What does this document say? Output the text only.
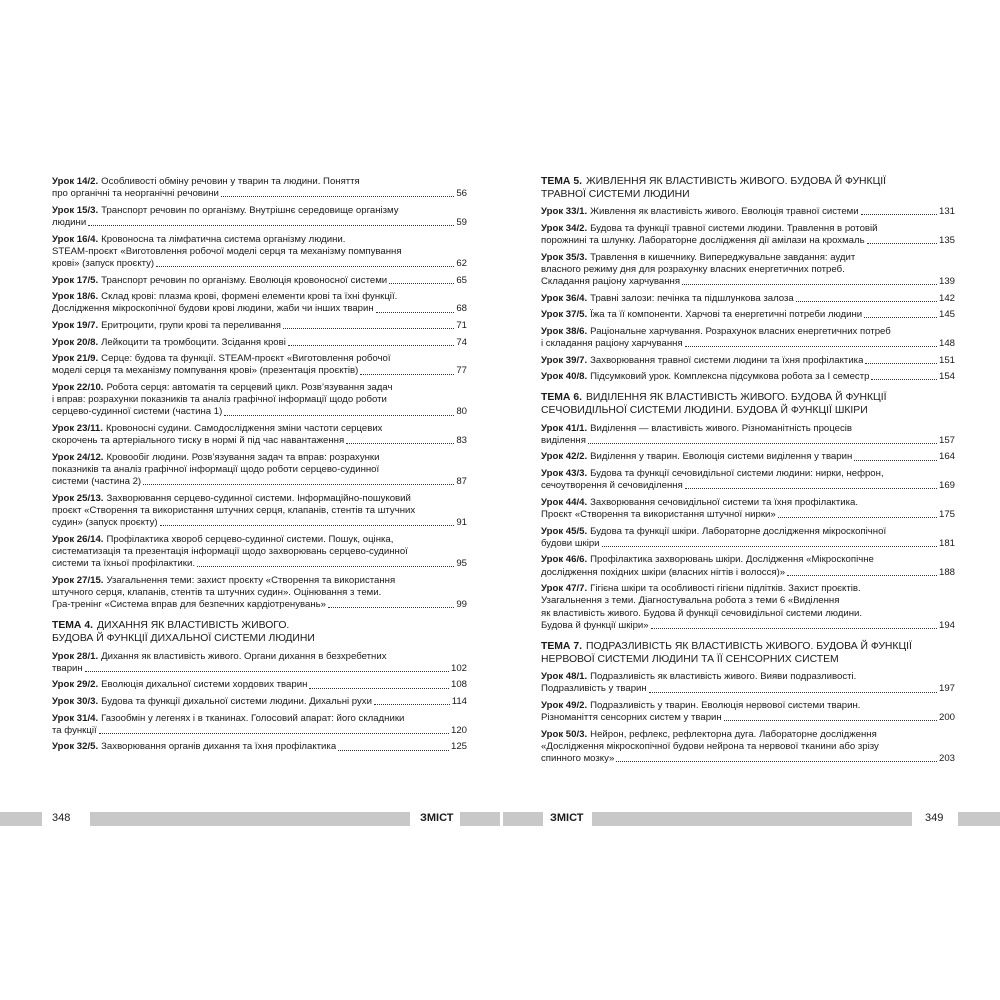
Урок 14/2. Особливості обміну речовин у тварин та людини. Поняття
про органічні та неорганічні речовини	56
Урок 15/3. Транспорт речовин по організму. Внутрішнє середовище організму
людини	59
Урок 16/4. Кровоносна та лімфатична система організму людини.
STEAM-проєкт «Виготовлення робочої моделі серця та механізму помпування
крові» (запуск проєкту)	62
Урок 17/5. Транспорт речовин по організму. Еволюція кровоносної системи	65
Урок 18/6. Склад крові: плазма крові, формені елементи крові та їхні функції.
Дослідження мікроскопічної будови крові людини, жаби чи інших тварин	68
Урок 19/7. Еритроцити, групи крові та переливання	71
Урок 20/8. Лейкоцити та тромбоцити. Зсідання крові	74
Урок 21/9. Серце: будова та функції. STEAM-проєкт «Виготовлення робочої
моделі серця та механізму помпування крові» (презентація проєктів)	77
Урок 22/10. Робота серця: автоматія та серцевий цикл. Розв’язування задач
і вправ: розрахунки показників та аналіз графічної інформації щодо роботи
серцево-судинної системи (частина 1)	80
Урок 23/11. Кровоносні судини. Самодослідження зміни частоти серцевих
скорочень та артеріального тиску в нормі й під час навантаження	83
Урок 24/12. Кровообіг людини. Розв’язування задач та вправ: розрахунки
показників та аналіз графічної інформації щодо роботи серцево-судинної
системи (частина 2)	87
Урок 25/13. Захворювання серцево-судинної системи. Інформаційно-пошуковий
проєкт «Створення та використання штучних серця, клапанів, стентів та штучних
судин» (запуск проєкту)	91
Урок 26/14. Профілактика хвороб серцево-судинної системи. Пошук, оцінка,
систематизація та презентація інформації щодо захворювань серцево-судинної
системи та їхньої профілактики.	95
Урок 27/15. Узагальнення теми: захист проєкту «Створення та використання
штучного серця, клапанів, стентів та штучних судин». Оцінювання з теми.
Гра-тренінг «Система вправ для безпечних кардіотренувань»	99
ТЕМА 4. ДИХАННЯ ЯК ВЛАСТИВІСТЬ ЖИВОГО.
БУДОВА Й ФУНКЦІЇ ДИХАЛЬНОЇ СИСТЕМИ ЛЮДИНИ
Урок 28/1. Дихання як властивість живого. Органи дихання в безхребетних
тварин	102
Урок 29/2. Еволюція дихальної системи хордових тварин	108
Урок 30/3. Будова та функції дихальної системи людини. Дихальні рухи	114
Урок 31/4. Газообмін у легенях і в тканинах. Голосовий апарат: його складники
та функції	120
Урок 32/5. Захворювання органів дихання та їхня профілактика	125
ТЕМА 5. ЖИВЛЕННЯ ЯК ВЛАСТИВІСТЬ ЖИВОГО. БУДОВА Й ФУНКЦІЇ
ТРАВНОЇ СИСТЕМИ ЛЮДИНИ
Урок 33/1. Живлення як властивість живого. Еволюція травної системи	131
Урок 34/2. Будова та функції травної системи людини. Травлення в ротовій
порожнині та шлунку. Лабораторне дослідження дії амілази на крохмаль	135
Урок 35/3. Травлення в кишечнику. Випереджувальне завдання: аудит
власного режиму дня для розрахунку власних енергетичних потреб.
Складання раціону харчування	139
Урок 36/4. Травні залози: печінка та підшлункова залоза	142
Урок 37/5. Їжа та її компоненти. Харчові та енергетичні потреби людини	145
Урок 38/6. Раціональне харчування. Розрахунок власних енергетичних потреб
і складання раціону харчування	148
Урок 39/7. Захворювання травної системи людини та їхня профілактика	151
Урок 40/8. Підсумковий урок. Комплексна підсумкова робота за І семестр	154
ТЕМА 6. ВИДІЛЕННЯ ЯК ВЛАСТИВІСТЬ ЖИВОГО. БУДОВА Й ФУНКЦІЇ
СЕЧОВИДІЛЬНОЇ СИСТЕМИ ЛЮДИНИ. БУДОВА Й ФУНКЦІЇ ШКІРИ
Урок 41/1. Виділення — властивість живого. Різноманітність процесів
виділення	157
Урок 42/2. Виділення у тварин. Еволюція системи виділення у тварин	164
Урок 43/3. Будова та функції сечовидільної системи людини: нирки, нефрон,
сечоутворення й сечовиділення	169
Урок 44/4. Захворювання сечовидільної системи та їхня профілактика.
Проєкт «Створення та використання штучної нирки»	175
Урок 45/5. Будова та функції шкіри. Лабораторне дослідження мікроскопічної
будови шкіри	181
Урок 46/6. Профілактика захворювань шкіри. Дослідження «Мікроскопічне
дослідження похідних шкіри (власних нігтів і волосся)»	188
Урок 47/7. Гігієна шкіри та особливості гігієни підлітків. Захист проєктів.
Узагальнення з теми. Діагностувальна робота з теми 6 «Виділення
як властивість живого. Будова й функції сечовидільної системи людини.
Будова й функції шкіри»	194
ТЕМА 7. ПОДРАЗЛИВІСТЬ ЯК ВЛАСТИВІСТЬ ЖИВОГО. БУДОВА Й ФУНКЦІЇ
НЕРВОВОЇ СИСТЕМИ ЛЮДИНИ ТА ЇЇ СЕНСОРНИХ СИСТЕМ
Урок 48/1. Подразливість як властивість живого. Вияви подразливості.
Подразливість у тварин	197
Урок 49/2. Подразливість у тварин. Еволюція нервової системи тварин.
Різноманіття сенсорних систем у тварин	200
Урок 50/3. Нейрон, рефлекс, рефлекторна дуга. Лабораторне дослідження
«Дослідження мікроскопічної будови нейрона та нервової тканини або зрізу
спинного мозку»	203
348	ЗМІСТ	ЗМІСТ	349
